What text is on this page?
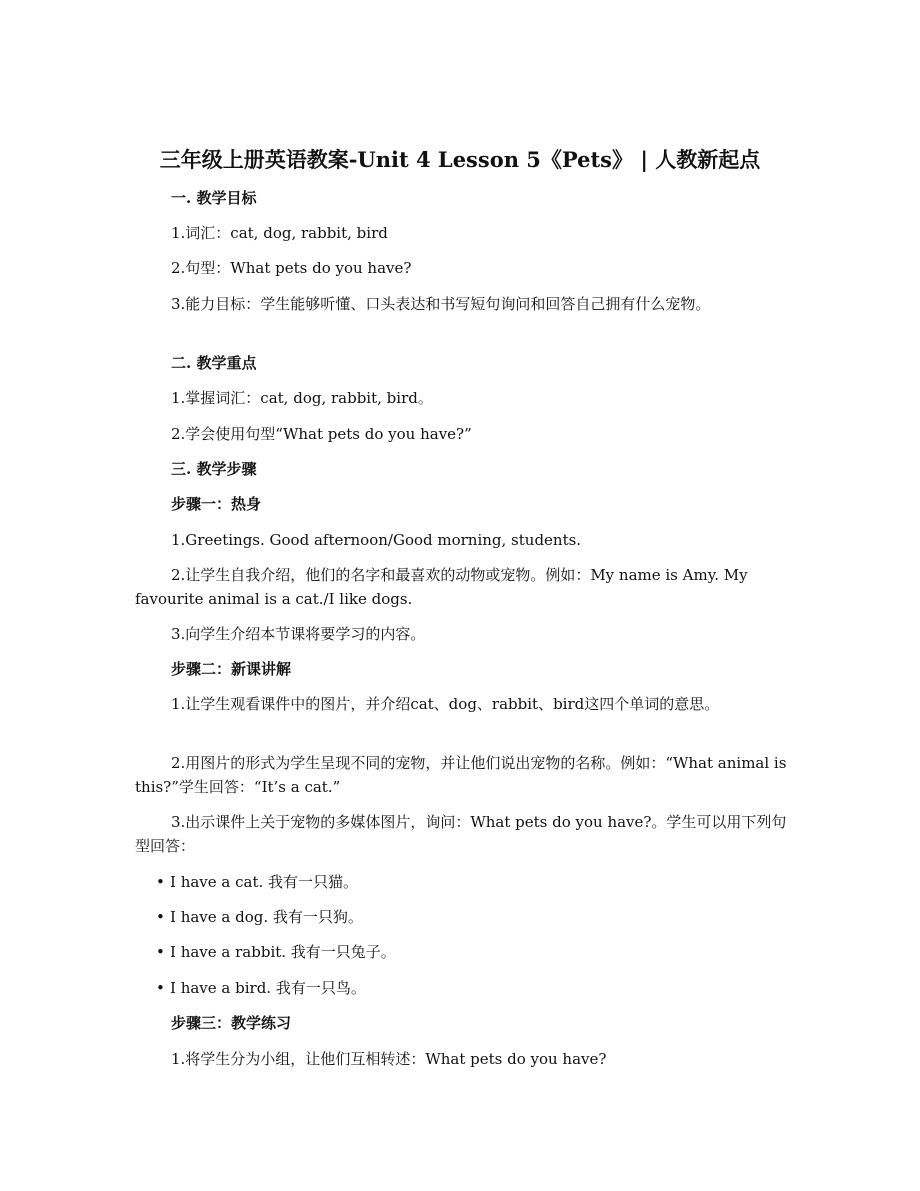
三年级上册英语教案-Unit 4 Lesson 5《Pets》 | 人教新起点
一. 教学目标
1.词汇：cat, dog, rabbit, bird
2.句型：What pets do you have?
3.能力目标：学生能够听懂、口头表达和书写短句询问和回答自己拥有什么宠物。
二. 教学重点
1.掌握词汇：cat, dog, rabbit, bird。
2.学会使用句型“What pets do you have?”
三. 教学步骤
步骤一：热身
1.Greetings. Good afternoon/Good morning, students.
2.让学生自我介绍，他们的名字和最喜欢的动物或宠物。例如：My name is Amy. My favourite animal is a cat./I like dogs.
3.向学生介绍本节课将要学习的内容。
步骤二：新课讲解
1.让学生观看课件中的图片，并介绍cat、dog、rabbit、bird这四个单词的意思。
2.用图片的形式为学生呈现不同的宠物，并让他们说出宠物的名称。例如：“What animal is this?”学生回答：“It’s a cat.”
3.出示课件上关于宠物的多媒体图片，询问：What pets do you have?。学生可以用下列句型回答：
• I have a cat. 我有一只猫。
• I have a dog. 我有一只狗。
• I have a rabbit. 我有一只兔子。
• I have a bird. 我有一只鸟。
步骤三：教学练习
1.将学生分为小组，让他们互相转述：What pets do you have?
